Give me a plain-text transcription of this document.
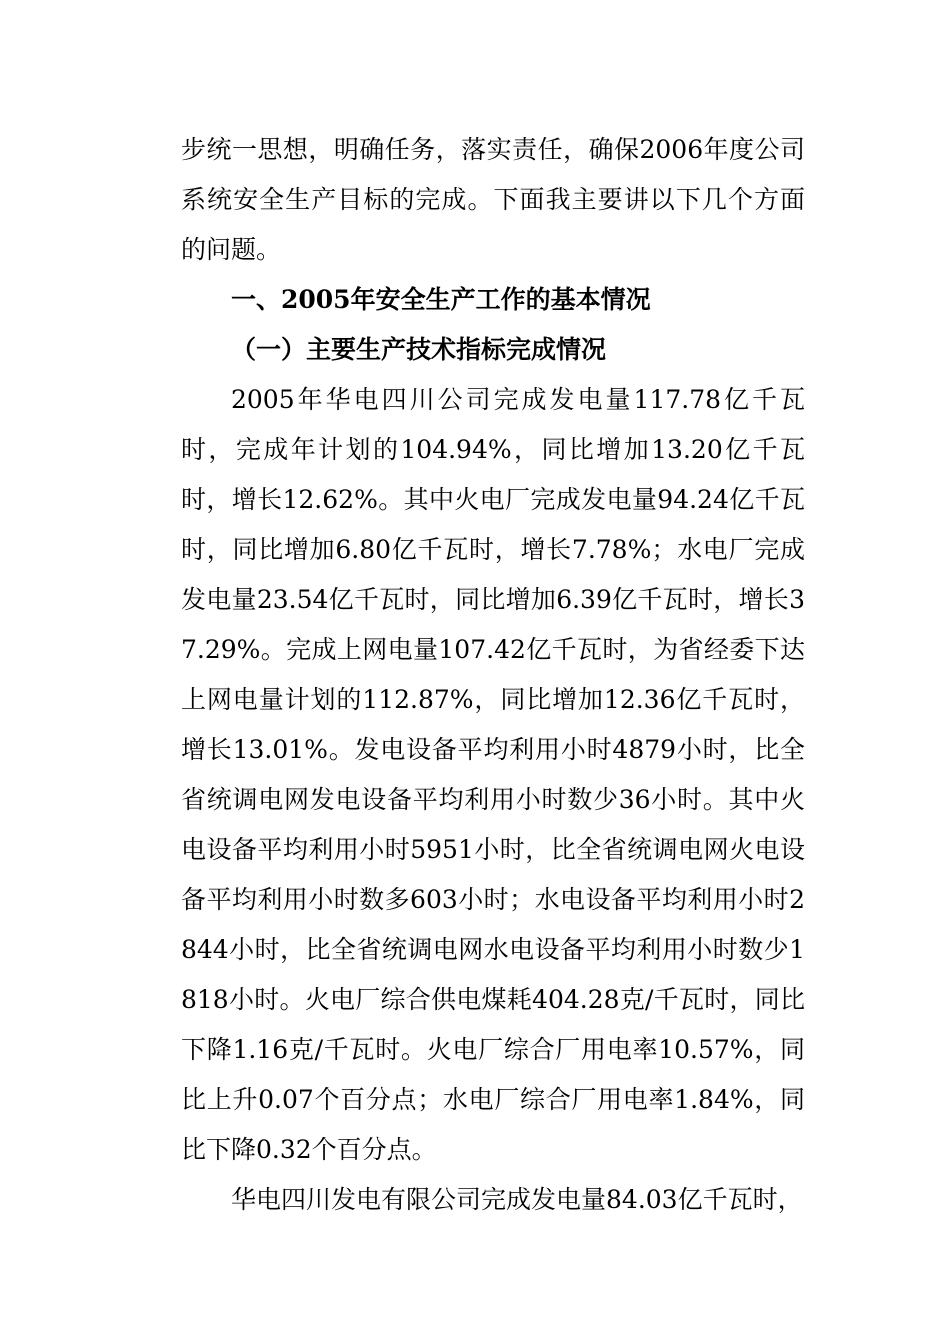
步统一思想，明确任务，落实责任，确保2006年度公司系统安全生产目标的完成。下面我主要讲以下几个方面的问题。

一、2005年安全生产工作的基本情况

（一）主要生产技术指标完成情况

2005年华电四川公司完成发电量117.78亿千瓦时，完成年计划的104.94%，同比增加13.20亿千瓦时，增长12.62%。其中火电厂完成发电量94.24亿千瓦时，同比增加6.80亿千瓦时，增长7.78%；水电厂完成发电量23.54亿千瓦时，同比增加6.39亿千瓦时，增长37.29%。完成上网电量107.42亿千瓦时，为省经委下达上网电量计划的112.87%，同比增加12.36亿千瓦时，增长13.01%。发电设备平均利用小时4879小时，比全省统调电网发电设备平均利用小时数少36小时。其中火电设备平均利用小时5951小时，比全省统调电网火电设备平均利用小时数多603小时；水电设备平均利用小时2844小时，比全省统调电网水电设备平均利用小时数少1818小时。火电厂综合供电煤耗404.28克/千瓦时，同比下降1.16克/千瓦时。火电厂综合厂用电率10.57%，同比上升0.07个百分点；水电厂综合厂用电率1.84%，同比下降0.32个百分点。

华电四川发电有限公司完成发电量84.03亿千瓦时，
